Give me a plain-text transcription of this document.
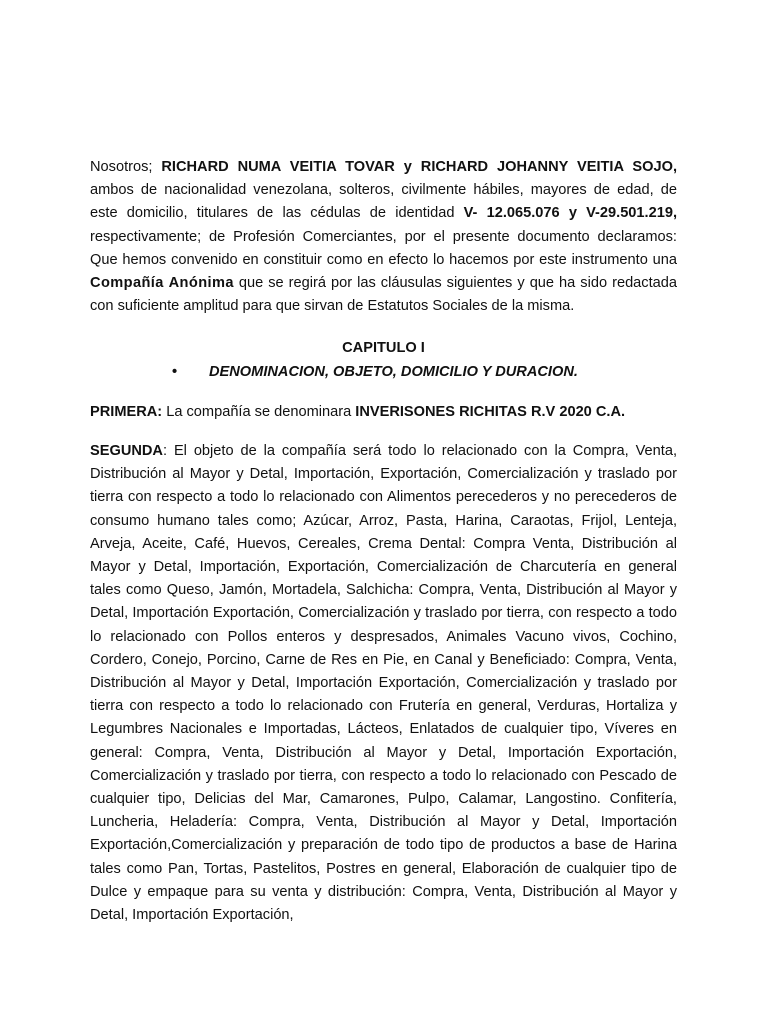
Nosotros; RICHARD NUMA VEITIA TOVAR y RICHARD JOHANNY VEITIA SOJO, ambos de nacionalidad venezolana, solteros, civilmente hábiles, mayores de edad, de este domicilio, titulares de las cédulas de identidad V- 12.065.076 y V-29.501.219, respectivamente; de Profesión Comerciantes, por el presente documento declaramos: Que hemos convenido en constituir como en efecto lo hacemos por este instrumento una Compañía Anónima que se regirá por las cláusulas siguientes y que ha sido redactada con suficiente amplitud para que sirvan de Estatutos Sociales de la misma.

CAPITULO I
• DENOMINACION, OBJETO, DOMICILIO Y DURACION.

PRIMERA: La compañía se denominara INVERISONES RICHITAS R.V 2020 C.A.

SEGUNDA: El objeto de la compañía será todo lo relacionado con la Compra, Venta, Distribución al Mayor y Detal, Importación, Exportación, Comercialización y traslado por tierra con respecto a todo lo relacionado con Alimentos perecederos y no perecederos de consumo humano tales como; Azúcar, Arroz, Pasta, Harina, Caraotas, Frijol, Lenteja, Arveja, Aceite, Café, Huevos, Cereales, Crema Dental: Compra Venta, Distribución al Mayor y Detal, Importación, Exportación, Comercialización de Charcutería en general tales como Queso, Jamón, Mortadela, Salchicha: Compra, Venta, Distribución al Mayor y Detal, Importación Exportación, Comercialización y traslado por tierra, con respecto a todo lo relacionado con Pollos enteros y despresados, Animales Vacuno vivos, Cochino, Cordero, Conejo, Porcino, Carne de Res en Pie, en Canal y Beneficiado: Compra, Venta, Distribución al Mayor y Detal, Importación Exportación, Comercialización y traslado por tierra con respecto a todo lo relacionado con Frutería en general, Verduras, Hortaliza y Legumbres Nacionales e Importadas, Lácteos, Enlatados de cualquier tipo, Víveres en general: Compra, Venta, Distribución al Mayor y Detal, Importación Exportación, Comercialización y traslado por tierra, con respecto a todo lo relacionado con Pescado de cualquier tipo, Delicias del Mar, Camarones, Pulpo, Calamar, Langostino. Confitería, Luncheria, Heladería: Compra, Venta, Distribución al Mayor y Detal, Importación Exportación,Comercialización y preparación de todo tipo de productos a base de Harina tales como Pan, Tortas, Pastelitos, Postres en general, Elaboración de cualquier tipo de Dulce y empaque para su venta y distribución: Compra, Venta, Distribución al Mayor y Detal, Importación Exportación,
